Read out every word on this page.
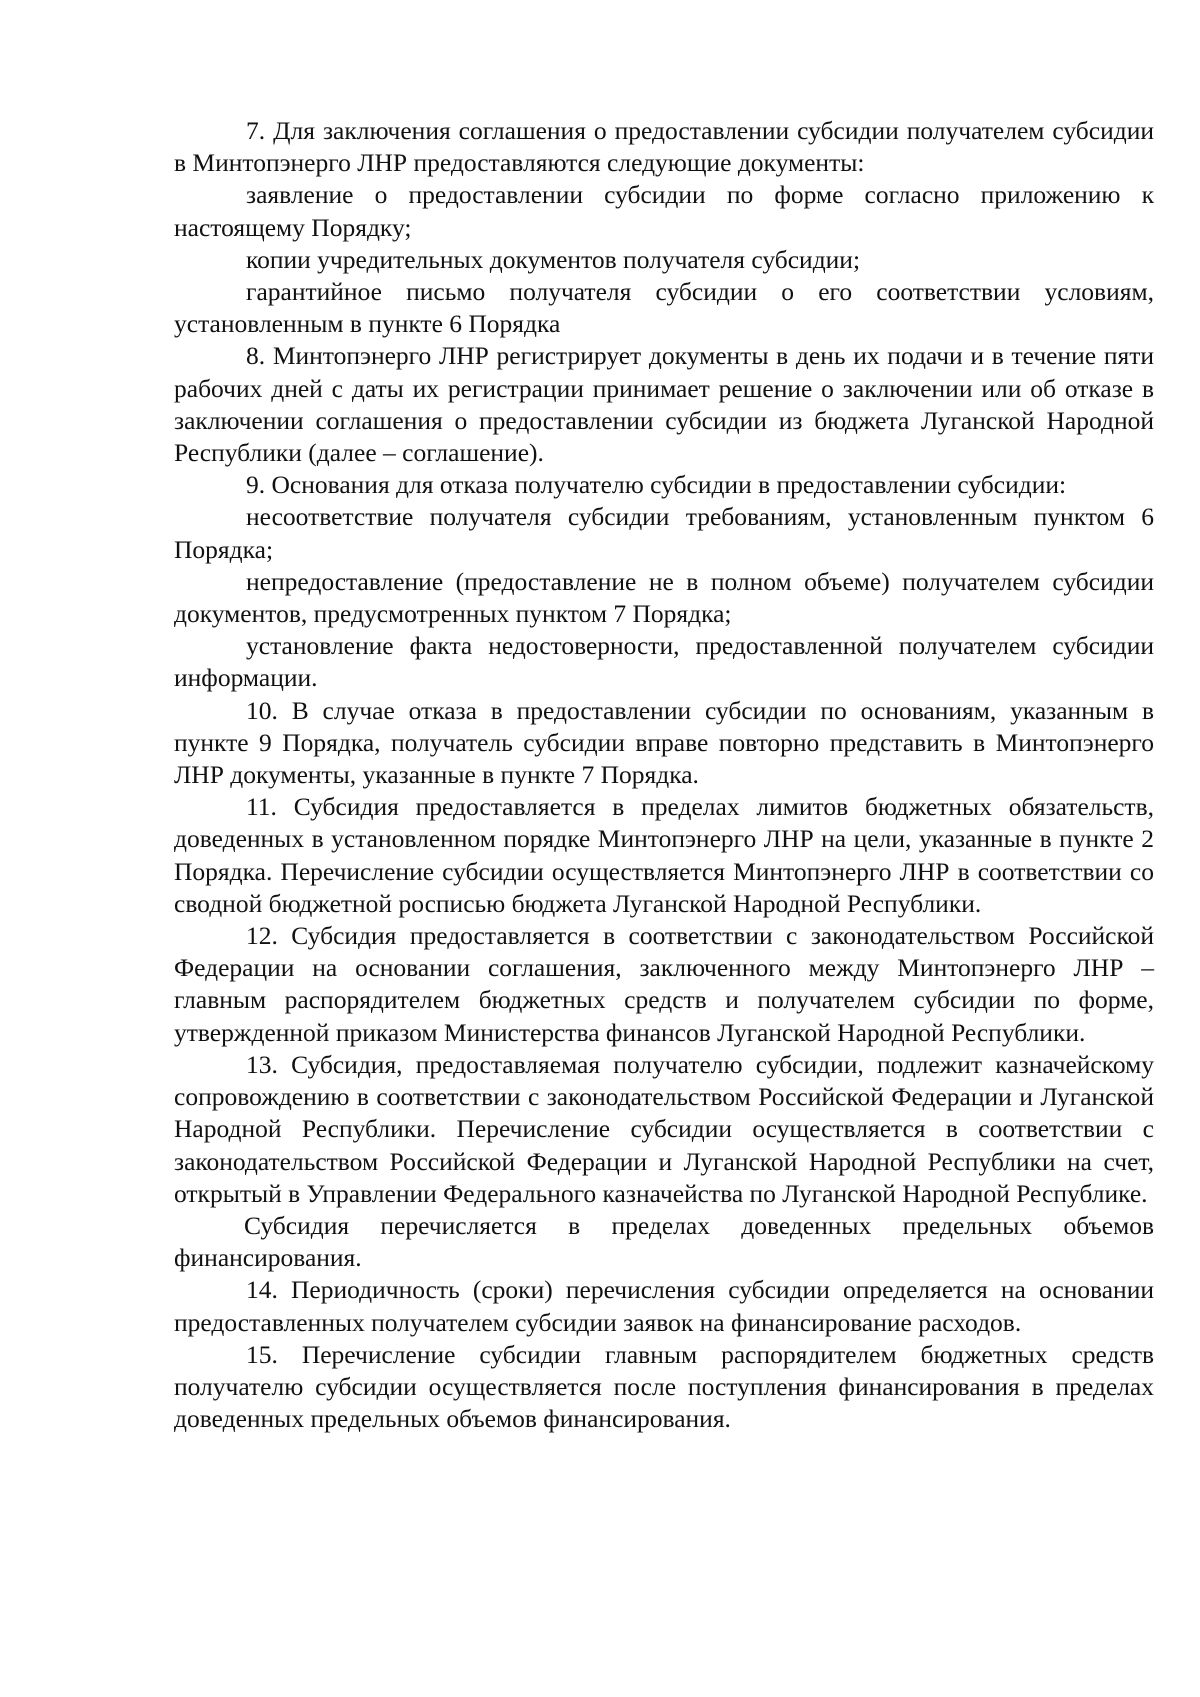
7. Для заключения соглашения о предоставлении субсидии получателем субсидии в Минтопэнерго ЛНР предоставляются следующие документы:

заявление о предоставлении субсидии по форме согласно приложению к настоящему Порядку;

копии учредительных документов получателя субсидии;

гарантийное письмо получателя субсидии о его соответствии условиям, установленным в пункте 6 Порядка

8. Минтопэнерго ЛНР регистрирует документы в день их подачи и в течение пяти рабочих дней с даты их регистрации принимает решение о заключении или об отказе в заключении соглашения о предоставлении субсидии из бюджета Луганской Народной Республики (далее – соглашение).

9. Основания для отказа получателю субсидии в предоставлении субсидии:

несоответствие получателя субсидии требованиям, установленным пунктом 6 Порядка;

непредоставление (предоставление не в полном объеме) получателем субсидии документов, предусмотренных пунктом 7 Порядка;

установление факта недостоверности, предоставленной получателем субсидии информации.

10. В случае отказа в предоставлении субсидии по основаниям, указанным в пункте 9 Порядка, получатель субсидии вправе повторно представить в Минтопэнерго ЛНР документы, указанные в пункте 7 Порядка.

11. Субсидия предоставляется в пределах лимитов бюджетных обязательств, доведенных в установленном порядке Минтопэнерго ЛНР на цели, указанные в пункте 2 Порядка. Перечисление субсидии осуществляется Минтопэнерго ЛНР в соответствии со сводной бюджетной росписью бюджета Луганской Народной Республики.

12. Субсидия предоставляется в соответствии с законодательством Российской Федерации на основании соглашения, заключенного между Минтопэнерго ЛНР – главным распорядителем бюджетных средств и получателем субсидии по форме, утвержденной приказом Министерства финансов Луганской Народной Республики.

13. Субсидия, предоставляемая получателю субсидии, подлежит казначейскому сопровождению в соответствии с законодательством Российской Федерации и Луганской Народной Республики. Перечисление субсидии осуществляется в соответствии с законодательством Российской Федерации и Луганской Народной Республики на счет, открытый в Управлении Федерального казначейства по Луганской Народной Республике.

Субсидия перечисляется в пределах доведенных предельных объемов финансирования.

14. Периодичность (сроки) перечисления субсидии определяется на основании предоставленных получателем субсидии заявок на финансирование расходов.

15. Перечисление субсидии главным распорядителем бюджетных средств получателю субсидии осуществляется после поступления финансирования в пределах доведенных предельных объемов финансирования.
